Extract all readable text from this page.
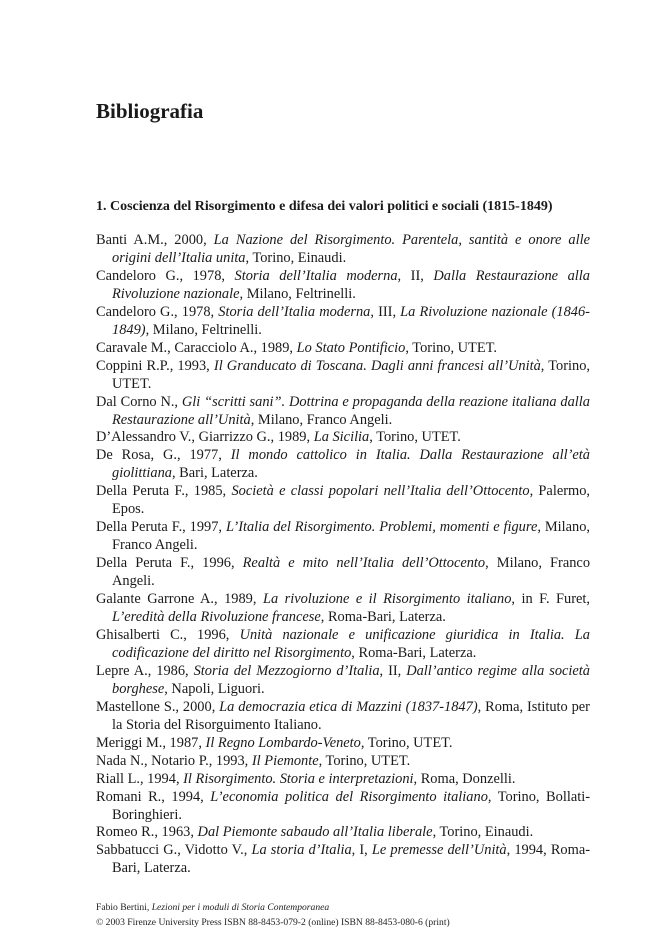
Bibliografia
1. Coscienza del Risorgimento e difesa dei valori politici e sociali (1815-1849)

Banti A.M., 2000, La Nazione del Risorgimento. Parentela, santità e onore alle origini dell’Italia unita, Torino, Einaudi.

Candeloro G., 1978, Storia dell’Italia moderna, II, Dalla Restaurazione alla Rivoluzione nazionale, Milano, Feltrinelli.

Candeloro G., 1978, Storia dell’Italia moderna, III, La Rivoluzione nazionale (1846-1849), Milano, Feltrinelli.

Caravale M., Caracciolo A., 1989, Lo Stato Pontificio, Torino, UTET.

Coppini R.P., 1993, Il Granducato di Toscana. Dagli anni francesi all’Unità, Torino, UTET.

Dal Corno N., Gli “scritti sani”. Dottrina e propaganda della reazione italiana dalla Restaurazione all’Unità, Milano, Franco Angeli.

D’Alessandro V., Giarrizzo G., 1989, La Sicilia, Torino, UTET.

De Rosa, G., 1977, Il mondo cattolico in Italia. Dalla Restaurazione all’età giolittiana, Bari, Laterza.

Della Peruta F., 1985, Società e classi popolari nell’Italia dell’Ottocento, Palermo, Epos.

Della Peruta F., 1997, L’Italia del Risorgimento. Problemi, momenti e figure, Milano, Franco Angeli.

Della Peruta F., 1996, Realtà e mito nell’Italia dell’Ottocento, Milano, Franco Angeli.

Galante Garrone A., 1989, La rivoluzione e il Risorgimento italiano, in F. Furet, L’eredità della Rivoluzione francese, Roma-Bari, Laterza.

Ghisalberti C., 1996, Unità nazionale e unificazione giuridica in Italia. La codificazione del diritto nel Risorgimento, Roma-Bari, Laterza.

Lepre A., 1986, Storia del Mezzogiorno d’Italia, II, Dall’antico regime alla società borghese, Napoli, Liguori.

Mastellone S., 2000, La democrazia etica di Mazzini (1837-1847), Roma, Istituto per la Storia del Risorguimento Italiano.

Meriggi M., 1987, Il Regno Lombardo-Veneto, Torino, UTET.

Nada N., Notario P., 1993, Il Piemonte, Torino, UTET.

Riall L., 1994, Il Risorgimento. Storia e interpretazioni, Roma, Donzelli.

Romani R., 1994, L’economia politica del Risorgimento italiano, Torino, Bollati-Boringhieri.

Romeo R., 1963, Dal Piemonte sabaudo all’Italia liberale, Torino, Einaudi.

Sabbatucci G., Vidotto V., La storia d’Italia, I, Le premesse dell’Unità, 1994, Roma-Bari, Laterza.

Fabio Bertini, Lezioni per i moduli di Storia Contemporanea
© 2003 Firenze University Press ISBN 88-8453-079-2 (online) ISBN 88-8453-080-6 (print)
